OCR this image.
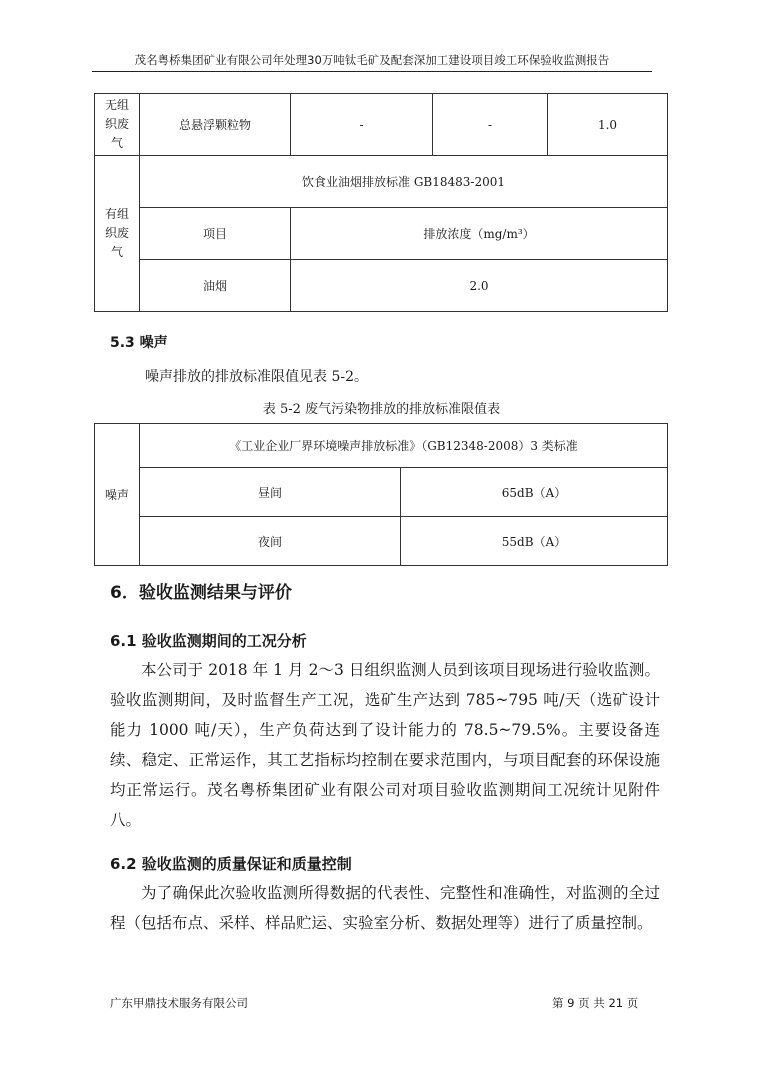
茂名粤桥集团矿业有限公司年处理30万吨钛毛矿及配套深加工建设项目竣工环保验收监测报告
无组
织废
气	总悬浮颗粒物	-	-	1.0
有组
织废
气	饮食业油烟排放标准 GB18483-2001			
	项目	排放浓度（mg/m³）		
	油烟	2.0		
5.3 噪声
噪声排放的排放标准限值见表 5-2。
表 5-2 废气污染物排放的排放标准限值表
噪声	《工业企业厂界环境噪声排放标准》（GB12348-2008）3 类标准	
	昼间	65dB（A）
	夜间	55dB（A）
6．验收监测结果与评价
6.1 验收监测期间的工况分析

本公司于 2018 年 1 月 2～3 日组织监测人员到该项目现场进行验收监测。验收监测期间，及时监督生产工况，选矿生产达到 785~795 吨/天（选矿设计能力 1000 吨/天），生产负荷达到了设计能力的 78.5~79.5%。主要设备连续、稳定、正常运作，其工艺指标均控制在要求范围内，与项目配套的环保设施均正常运行。茂名粤桥集团矿业有限公司对项目验收监测期间工况统计见附件八。

6.2 验收监测的质量保证和质量控制

为了确保此次验收监测所得数据的代表性、完整性和准确性，对监测的全过程（包括布点、采样、样品贮运、实验室分析、数据处理等）进行了质量控制。

广东甲鼎技术服务有限公司	第 9 页 共 21 页
